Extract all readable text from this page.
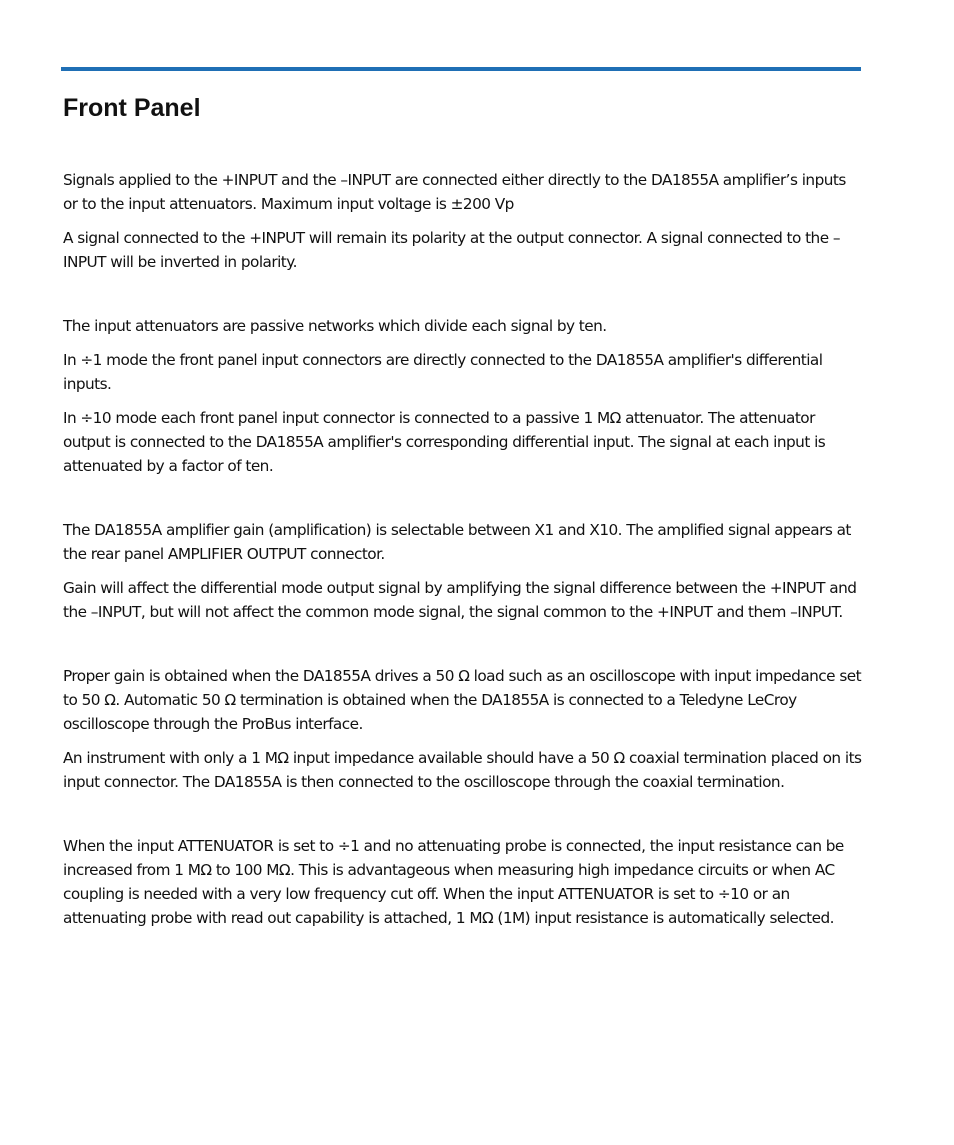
Front Panel

Signals applied to the +INPUT and the –INPUT are connected either directly to the DA1855A amplifier’s inputs or to the input attenuators. Maximum input voltage is ±200 Vp

A signal connected to the +INPUT will remain its polarity at the output connector. A signal connected to the –INPUT will be inverted in polarity.

The input attenuators are passive networks which divide each signal by ten.

In ÷1 mode the front panel input connectors are directly connected to the DA1855A amplifier's differential inputs.

In ÷10 mode each front panel input connector is connected to a passive 1 MΩ attenuator. The attenuator output is connected to the DA1855A amplifier's corresponding differential input. The signal at each input is attenuated by a factor of ten.

The DA1855A amplifier gain (amplification) is selectable between X1 and X10. The amplified signal appears at the rear panel AMPLIFIER OUTPUT connector.

Gain will affect the differential mode output signal by amplifying the signal difference between the +INPUT and the –INPUT, but will not affect the common mode signal, the signal common to the +INPUT and them –INPUT.

Proper gain is obtained when the DA1855A drives a 50 Ω load such as an oscilloscope with input impedance set to 50 Ω. Automatic 50 Ω termination is obtained when the DA1855A is connected to a Teledyne LeCroy oscilloscope through the ProBus interface.

An instrument with only a 1 MΩ input impedance available should have a 50 Ω coaxial termination placed on its input connector. The DA1855A is then connected to the oscilloscope through the coaxial termination.

When the input ATTENUATOR is set to ÷1 and no attenuating probe is connected, the input resistance can be increased from 1 MΩ to 100 MΩ. This is advantageous when measuring high impedance circuits or when AC coupling is needed with a very low frequency cut off. When the input ATTENUATOR is set to ÷10 or an attenuating probe with read out capability is attached, 1 MΩ (1M) input resistance is automatically selected.
